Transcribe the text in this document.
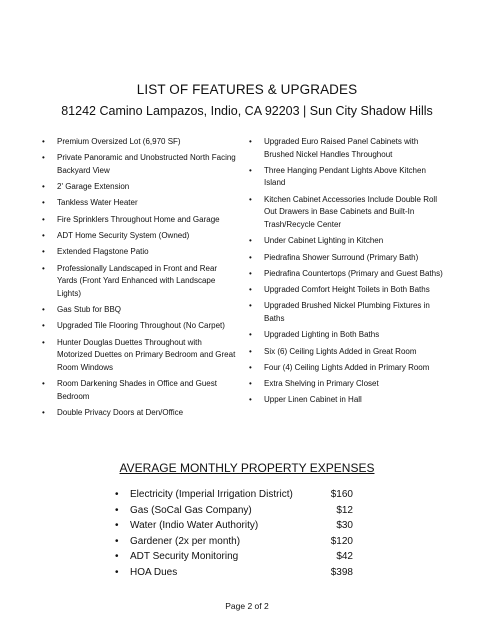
LIST OF FEATURES & UPGRADES
81242 Camino Lampazos, Indio, CA 92203 | Sun City Shadow Hills
• Premium Oversized Lot (6,970 SF)
• Private Panoramic and Unobstructed North Facing Backyard View
• 2' Garage Extension
• Tankless Water Heater
• Fire Sprinklers Throughout Home and Garage
• ADT Home Security System (Owned)
• Extended Flagstone Patio
• Professionally Landscaped in Front and Rear Yards (Front Yard Enhanced with Landscape Lights)
• Gas Stub for BBQ
• Upgraded Tile Flooring Throughout (No Carpet)
• Hunter Douglas Duettes Throughout with Motorized Duettes on Primary Bedroom and Great Room Windows
• Room Darkening Shades in Office and Guest Bedroom
• Double Privacy Doors at Den/Office
• Upgraded Euro Raised Panel Cabinets with Brushed Nickel Handles Throughout
• Three Hanging Pendant Lights Above Kitchen Island
• Kitchen Cabinet Accessories Include Double Roll Out Drawers in Base Cabinets and Built-In Trash/Recycle Center
• Under Cabinet Lighting in Kitchen
• Piedrafina Shower Surround (Primary Bath)
• Piedrafina Countertops (Primary and Guest Baths)
• Upgraded Comfort Height Toilets in Both Baths
• Upgraded Brushed Nickel Plumbing Fixtures in Baths
• Upgraded Lighting in Both Baths
• Six (6) Ceiling Lights Added in Great Room
• Four (4) Ceiling Lights Added in Primary Room
• Extra Shelving in Primary Closet
• Upper Linen Cabinet in Hall
AVERAGE MONTHLY PROPERTY EXPENSES
• Electricity (Imperial Irrigation District)	$160
• Gas (SoCal Gas Company)	$12
• Water (Indio Water Authority)	$30
• Gardener (2x per month)	$120
• ADT Security Monitoring	$42
• HOA Dues	$398
Page 2 of 2
